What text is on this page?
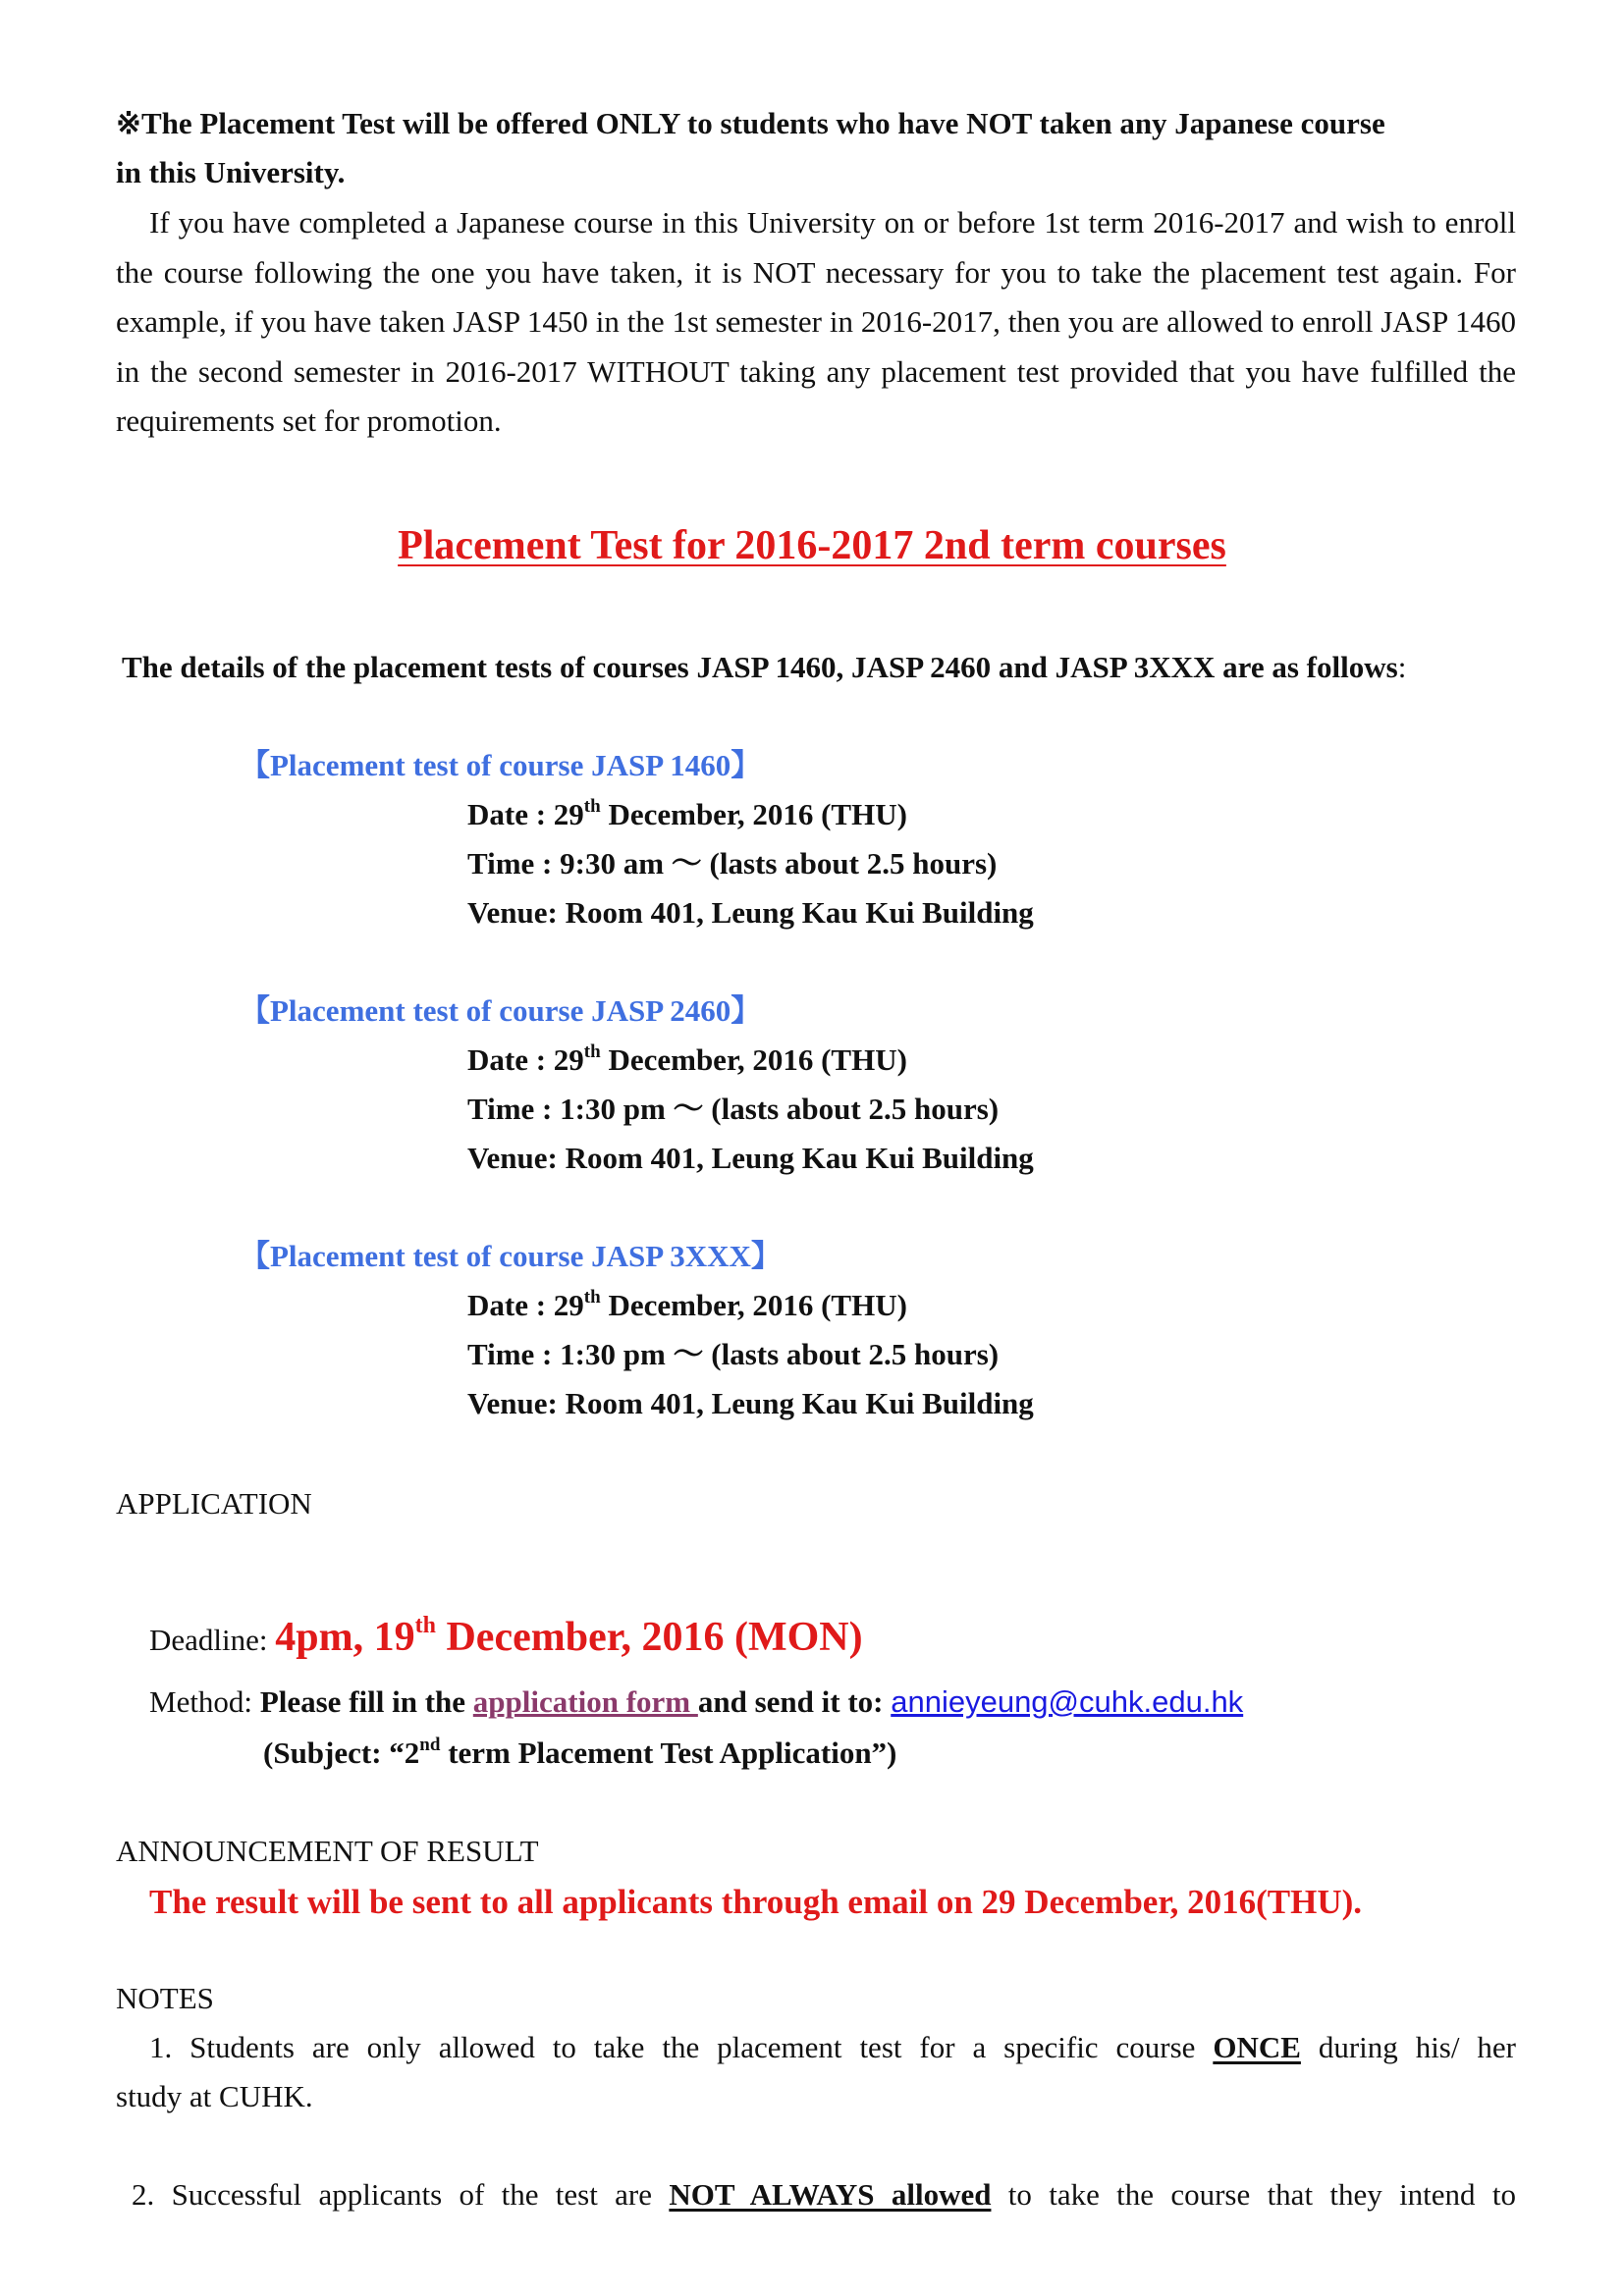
※The Placement Test will be offered ONLY to students who have NOT taken any Japanese course
in this University.
If you have completed a Japanese course in this University on or before 1st term 2016-2017 and wish to enroll the course following the one you have taken, it is NOT necessary for you to take the placement test again. For example, if you have taken JASP 1450 in the 1st semester in 2016-2017, then you are allowed to enroll JASP 1460 in the second semester in 2016-2017 WITHOUT taking any placement test provided that you have fulfilled the requirements set for promotion.
Placement Test for 2016-2017 2nd term courses
The details of the placement tests of courses JASP 1460, JASP 2460 and JASP 3XXX are as follows:
【Placement test of course JASP 1460】
Date : 29th December, 2016 (THU)
Time : 9:30 am ～ (lasts about 2.5 hours)
Venue: Room 401, Leung Kau Kui Building
【Placement test of course JASP 2460】
Date : 29th December, 2016 (THU)
Time : 1:30 pm ～ (lasts about 2.5 hours)
Venue: Room 401, Leung Kau Kui Building
【Placement test of course JASP 3XXX】
Date : 29th December, 2016 (THU)
Time : 1:30 pm ～ (lasts about 2.5 hours)
Venue: Room 401, Leung Kau Kui Building
APPLICATION
Deadline: 4pm, 19th December, 2016 (MON)
Method: Please fill in the application form and send it to: annieyeung@cuhk.edu.hk
(Subject: “2nd term Placement Test Application”)
ANNOUNCEMENT OF RESULT
The result will be sent to all applicants through email on 29 December, 2016(THU).
NOTES
1. Students are only allowed to take the placement test for a specific course ONCE during his/ her
study at CUHK.
2. Successful applicants of the test are NOT ALWAYS allowed to take the course that they intend to
